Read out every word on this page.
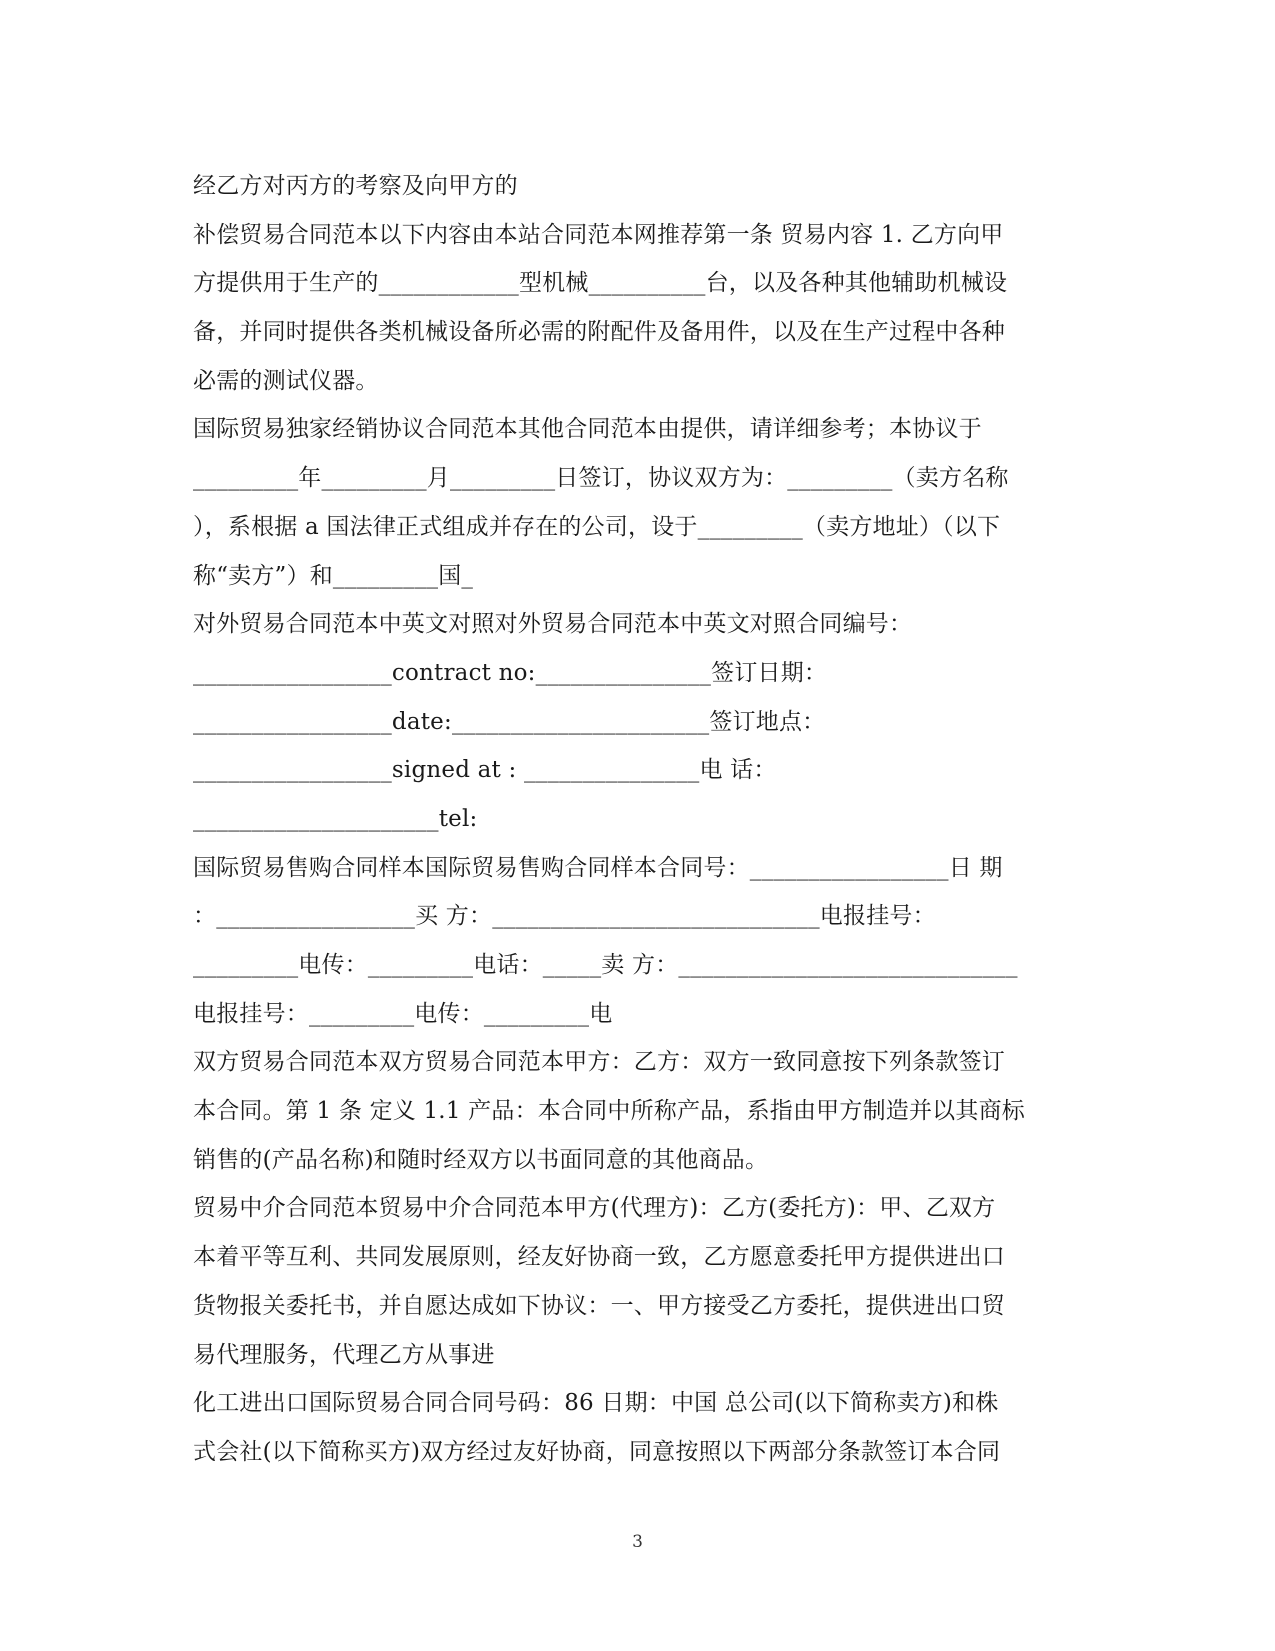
经乙方对丙方的考察及向甲方的
补偿贸易合同范本以下内容由本站合同范本网推荐第一条 贸易内容 1. 乙方向甲
方提供用于生产的____________型机械__________台，以及各种其他辅助机械设
备，并同时提供各类机械设备所必需的附配件及备用件，以及在生产过程中各种
必需的测试仪器。
国际贸易独家经销协议合同范本其他合同范本由提供，请详细参考；本协议于
_________年_________月_________日签订，协议双方为：_________（卖方名称
），系根据 a 国法律正式组成并存在的公司，设于_________（卖方地址）（以下
称“卖方”）和_________国_
对外贸易合同范本中英文对照对外贸易合同范本中英文对照合同编号：
_________________contract no:_______________签订日期：
_________________date:______________________签订地点：
_________________signed at : _______________电 话：
_____________________tel:
国际贸易售购合同样本国际贸易售购合同样本合同号：_________________日 期
：_________________买 方：____________________________电报挂号：
_________电传：_________电话：_____卖 方：_____________________________
电报挂号：_________电传：_________电
双方贸易合同范本双方贸易合同范本甲方：乙方：双方一致同意按下列条款签订
本合同。第 1 条 定义 1.1 产品：本合同中所称产品，系指由甲方制造并以其商标
销售的(产品名称)和随时经双方以书面同意的其他商品。
贸易中介合同范本贸易中介合同范本甲方(代理方)：乙方(委托方)：甲、乙双方
本着平等互利、共同发展原则，经友好协商一致，乙方愿意委托甲方提供进出口
货物报关委托书，并自愿达成如下协议：一、甲方接受乙方委托，提供进出口贸
易代理服务，代理乙方从事进
化工进出口国际贸易合同合同号码：86 日期：中国 总公司(以下简称卖方)和株
式会社(以下简称买方)双方经过友好协商，同意按照以下两部分条款签订本合同
3
